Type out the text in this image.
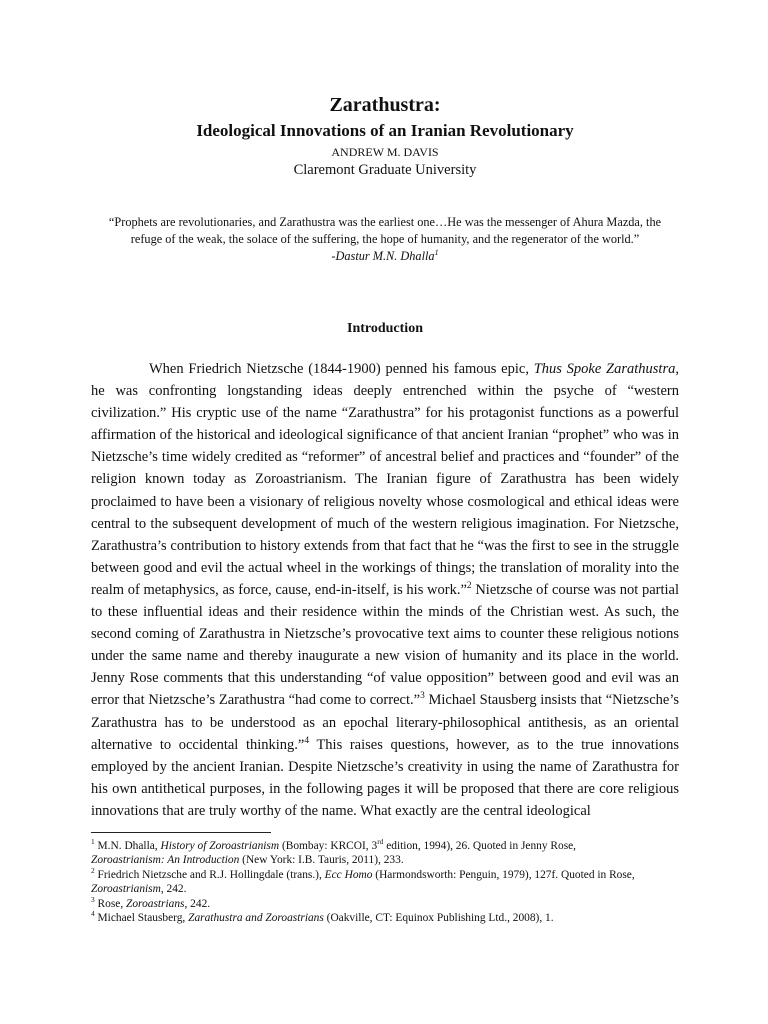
Zarathustra:
Ideological Innovations of an Iranian Revolutionary
ANDREW M. DAVIS
Claremont Graduate University
“Prophets are revolutionaries, and Zarathustra was the earliest one…He was the messenger of Ahura Mazda, the
refuge of the weak, the solace of the suffering, the hope of humanity, and the regenerator of the world.”
-Dastur M.N. Dhalla$^1$
Introduction
When Friedrich Nietzsche (1844-1900) penned his famous epic, Thus Spoke Zarathustra, he was confronting longstanding ideas deeply entrenched within the psyche of “western civilization.” His cryptic use of the name “Zarathustra” for his protagonist functions as a powerful affirmation of the historical and ideological significance of that ancient Iranian “prophet” who was in Nietzsche’s time widely credited as “reformer” of ancestral belief and practices and “founder” of the religion known today as Zoroastrianism. The Iranian figure of Zarathustra has been widely proclaimed to have been a visionary of religious novelty whose cosmological and ethical ideas were central to the subsequent development of much of the western religious imagination. For Nietzsche, Zarathustra’s contribution to history extends from that fact that he “was the first to see in the struggle between good and evil the actual wheel in the workings of things; the translation of morality into the realm of metaphysics, as force, cause, end-in-itself, is his work.”$^2$ Nietzsche of course was not partial to these influential ideas and their residence within the minds of the Christian west. As such, the second coming of Zarathustra in Nietzsche’s provocative text aims to counter these religious notions under the same name and thereby inaugurate a new vision of humanity and its place in the world. Jenny Rose comments that this understanding “of value opposition” between good and evil was an error that Nietzsche’s Zarathustra “had come to correct.”$^3$ Michael Stausberg insists that “Nietzsche’s Zarathustra has to be understood as an epochal literary-philosophical antithesis, as an oriental alternative to occidental thinking.”$^4$ This raises questions, however, as to the true innovations employed by the ancient Iranian. Despite Nietzsche’s creativity in using the name of Zarathustra for his own antithetical purposes, in the following pages it will be proposed that there are core religious innovations that are truly worthy of the name. What exactly are the central ideological

$^1$ M.N. Dhalla, History of Zoroastrianism (Bombay: KRCOI, 3rd edition, 1994), 26. Quoted in Jenny Rose,
Zoroastrianism: An Introduction (New York: I.B. Tauris, 2011), 233.

$^2$ Friedrich Nietzsche and R.J. Hollingdale (trans.), Ecc Homo (Harmondsworth: Penguin, 1979), 127f. Quoted in Rose, Zoroastrianism, 242.

$^3$ Rose, Zoroastrians, 242.

$^4$ Michael Stausberg, Zarathustra and Zoroastrians (Oakville, CT: Equinox Publishing Ltd., 2008), 1.
